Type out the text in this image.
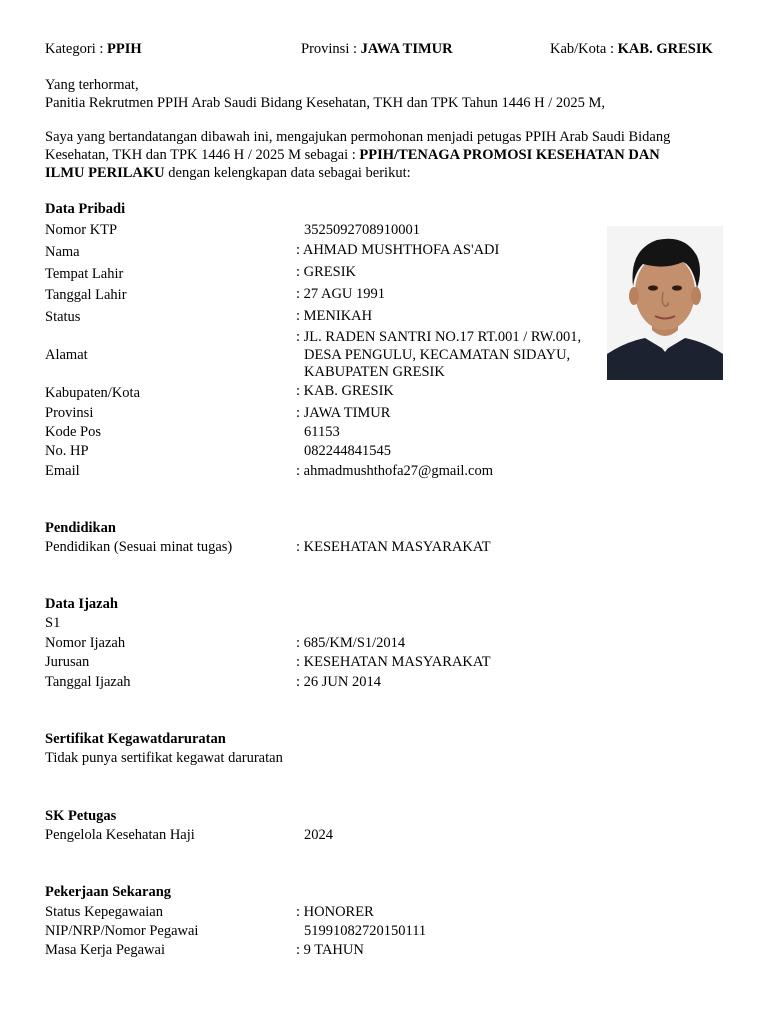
Kategori : PPIH	Provinsi : JAWA TIMUR	Kab/Kota : KAB. GRESIK
Yang terhormat,
Panitia Rekrutmen PPIH Arab Saudi Bidang Kesehatan, TKH dan TPK Tahun 1446 H / 2025 M,
Saya yang bertandatangan dibawah ini, mengajukan permohonan menjadi petugas PPIH Arab Saudi Bidang
Kesehatan, TKH dan TPK 1446 H / 2025 M sebagai : PPIH/TENAGA PROMOSI KESEHATAN DAN
ILMU PERILAKU dengan kelengkapan data sebagai berikut:
Data Pribadi
Nomor KTP	3525092708910001
Nama	: AHMAD MUSHTHOFA AS'ADI
Tempat Lahir	: GRESIK
Tanggal Lahir	: 27 AGU 1991
Status	: MENIKAH
Alamat
: JL. RADEN SANTRI NO.17 RT.001 / RW.001,
DESA PENGULU, KECAMATAN SIDAYU,
KABUPATEN GRESIK
Kabupaten/Kota	: KAB. GRESIK
Provinsi	: JAWA TIMUR
Kode Pos	61153
No. HP	082244841545
Email	: ahmadmushthofa27@gmail.com
Pendidikan
Pendidikan (Sesuai minat tugas)	: KESEHATAN MASYARAKAT
Data Ijazah
S1
Nomor Ijazah	: 685/KM/S1/2014
Jurusan	: KESEHATAN MASYARAKAT
Tanggal Ijazah	: 26 JUN 2014
Sertifikat Kegawatdaruratan
Tidak punya sertifikat kegawat daruratan
SK Petugas
Pengelola Kesehatan Haji	2024
Pekerjaan Sekarang
Status Kepegawaian	: HONORER
NIP/NRP/Nomor Pegawai	51991082720150111
Masa Kerja Pegawai	: 9 TAHUN
